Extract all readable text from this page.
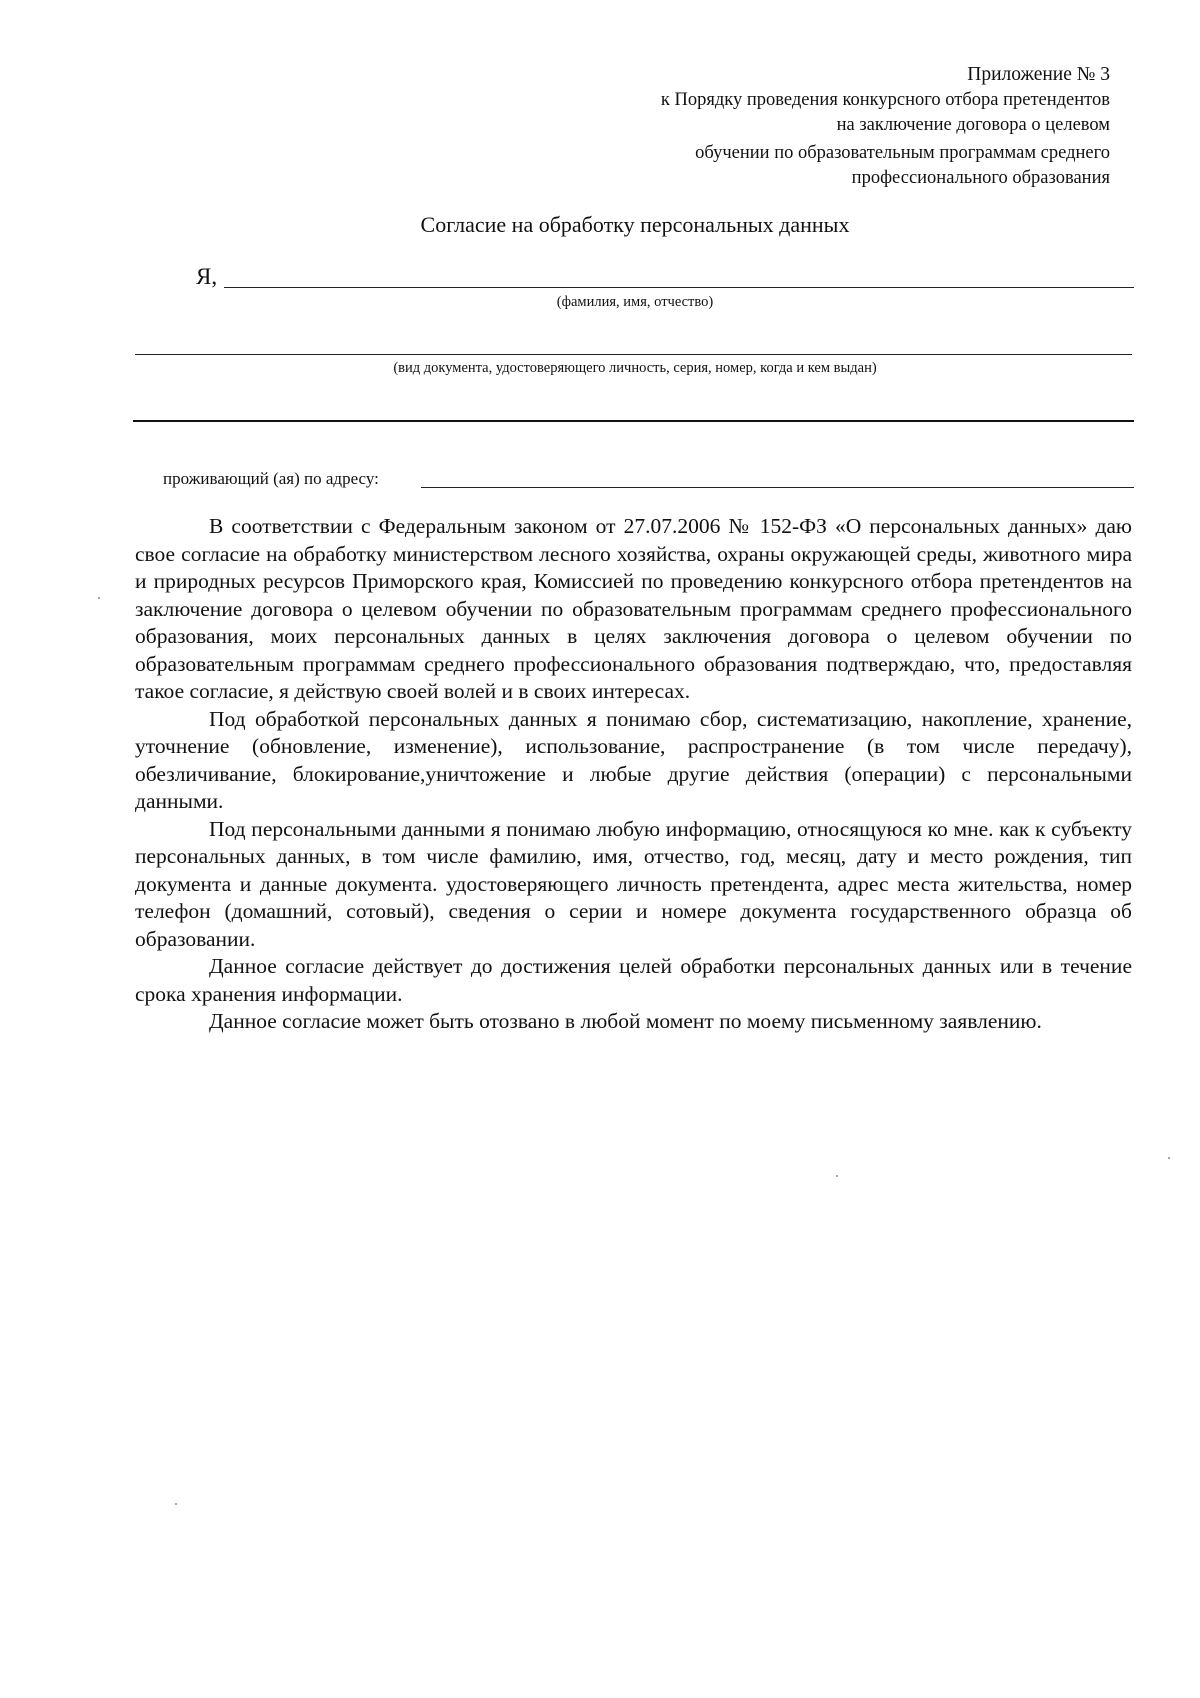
Приложение № 3
к Порядку проведения конкурсного отбора претендентов
на заключение договора о целевом
обучении по образовательным программам среднего
профессионального образования
Согласие на обработку персональных данных
Я,
(фамилия, имя, отчество)
(вид документа, удостоверяющего личность, серия, номер, когда и кем выдан)
проживающий (ая) по адресу:

В соответствии с Федеральным законом от 27.07.2006 № 152-ФЗ «О персональных данных» даю свое согласие на обработку министерством лесного хозяйства, охраны окружающей среды, животного мира и природных ресурсов Приморского края, Комиссией по проведению конкурсного отбора претендентов на заключение договора о целевом обучении по образовательным программам среднего профессионального образования, моих персональных данных в целях заключения договора о целевом обучении по образовательным программам среднего профессионального образования подтверждаю, что, предоставляя такое согласие, я действую своей волей и в своих интересах.

Под обработкой персональных данных я понимаю сбор, систематизацию, накопление, хранение, уточнение (обновление, изменение), использование, распространение (в том числе передачу), обезличивание, блокирование,уничтожение и любые другие действия (операции) с персональными данными.

Под персональными данными я понимаю любую информацию, относящуюся ко мне. как к субъекту персональных данных, в том числе фамилию, имя, отчество, год, месяц, дату и место рождения, тип документа и данные документа. удостоверяющего личность претендента, адрес места жительства, номер телефон (домашний, сотовый), сведения о серии и номере документа государственного образца об образовании.

Данное согласие действует до достижения целей обработки персональных данных или в течение срока хранения информации.

Данное согласие может быть отозвано в любой момент по моему письменному заявлению.
